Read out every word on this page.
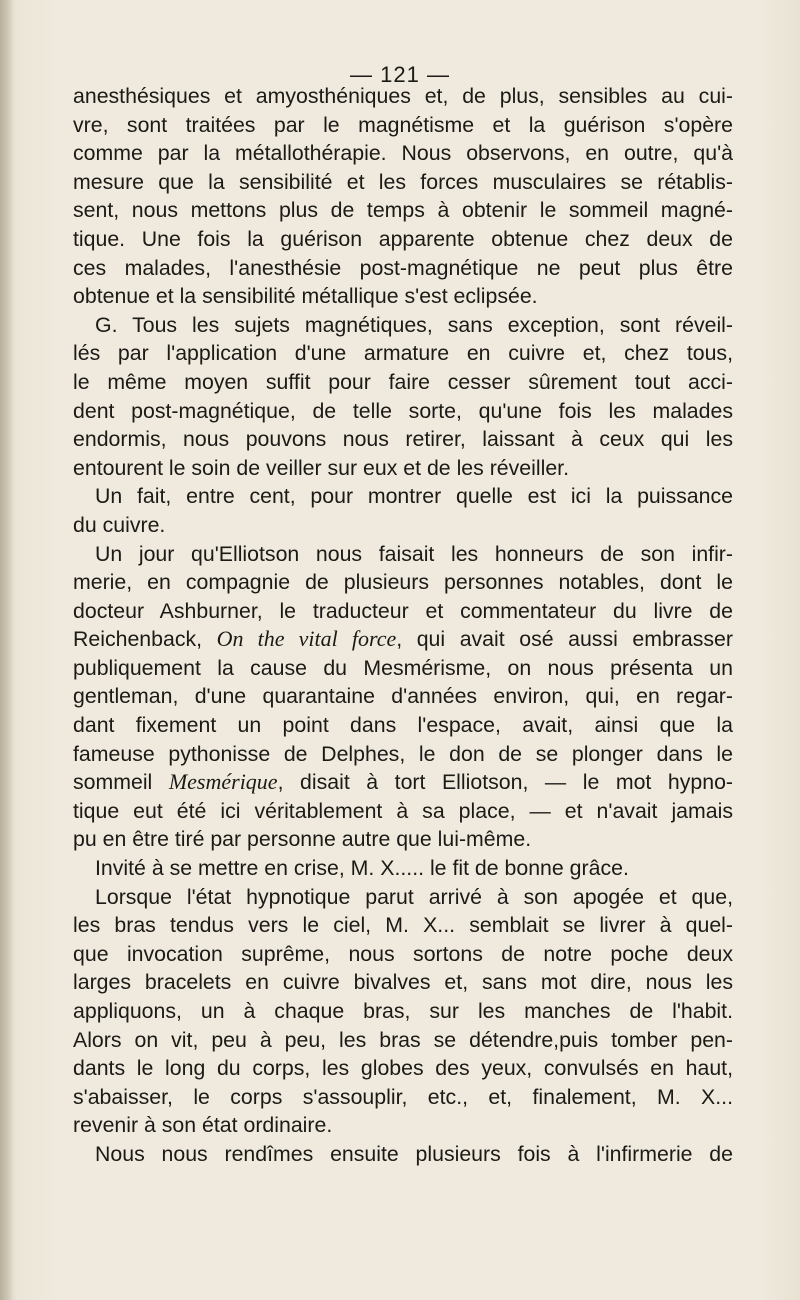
— 121 —

anesthésiques et amyosthéniques et, de plus, sensibles au cui-
vre, sont traitées par le magnétisme et la guérison s'opère
comme par la métallothérapie. Nous observons, en outre, qu'à
mesure que la sensibilité et les forces musculaires se rétablis-
sent, nous mettons plus de temps à obtenir le sommeil magné-
tique. Une fois la guérison apparente obtenue chez deux de
ces malades, l'anesthésie post-magnétique ne peut plus être
obtenue et la sensibilité métallique s'est eclipsée.

G. Tous les sujets magnétiques, sans exception, sont réveil-
lés par l'application d'une armature en cuivre et, chez tous,
le même moyen suffit pour faire cesser sûrement tout acci-
dent post-magnétique, de telle sorte, qu'une fois les malades
endormis, nous pouvons nous retirer, laissant à ceux qui les
entourent le soin de veiller sur eux et de les réveiller.

Un fait, entre cent, pour montrer quelle est ici la puissance
du cuivre.

Un jour qu'Elliotson nous faisait les honneurs de son infir-
merie, en compagnie de plusieurs personnes notables, dont le
docteur Ashburner, le traducteur et commentateur du livre de
Reichenback, On the vital force, qui avait osé aussi embrasser
publiquement la cause du Mesmérisme, on nous présenta un
gentleman, d'une quarantaine d'années environ, qui, en regar-
dant fixement un point dans l'espace, avait, ainsi que la
fameuse pythonisse de Delphes, le don de se plonger dans le
sommeil Mesmérique, disait à tort Elliotson, — le mot hypno-
tique eut été ici véritablement à sa place, — et n'avait jamais
pu en être tiré par personne autre que lui-même.

Invité à se mettre en crise, M. X..... le fit de bonne grâce.

Lorsque l'état hypnotique parut arrivé à son apogée et que,
les bras tendus vers le ciel, M. X... semblait se livrer à quel-
que invocation suprême, nous sortons de notre poche deux
larges bracelets en cuivre bivalves et, sans mot dire, nous les
appliquons, un à chaque bras, sur les manches de l'habit.
Alors on vit, peu à peu, les bras se détendre,puis tomber pen-
dants le long du corps, les globes des yeux, convulsés en haut,
s'abaisser, le corps s'assouplir, etc., et, finalement, M. X...
revenir à son état ordinaire.

Nous nous rendîmes ensuite plusieurs fois à l'infirmerie de
